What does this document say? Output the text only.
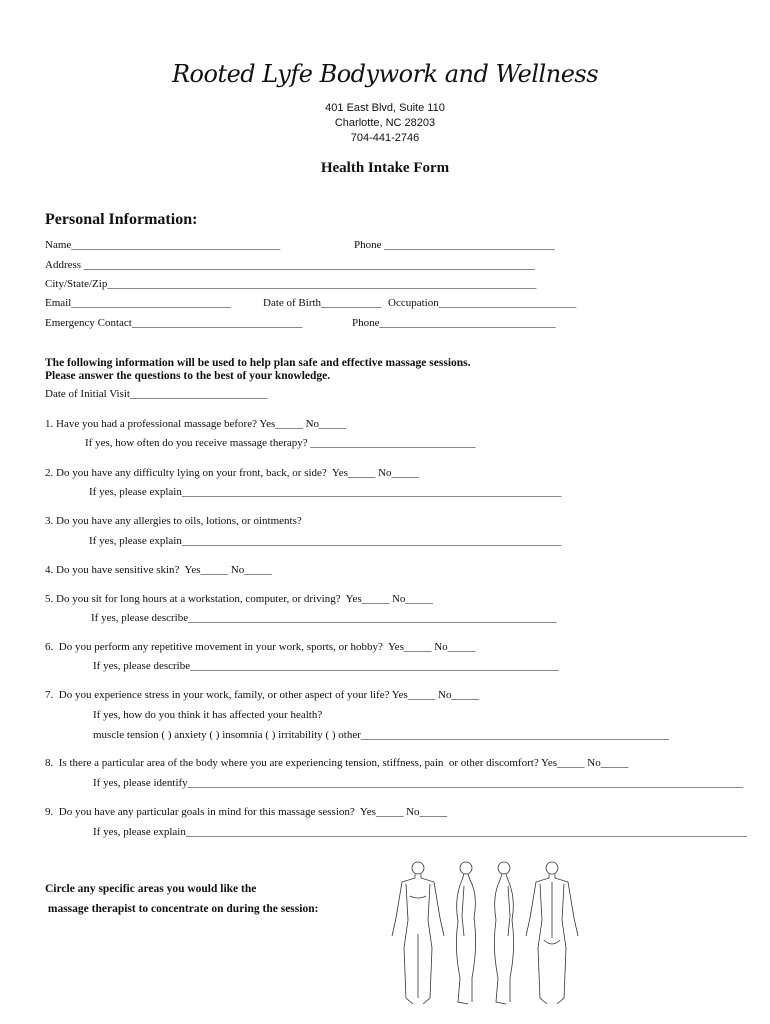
Rooted Lyfe Bodywork and Wellness
401 East Blvd, Suite 110
Charlotte, NC 28203
704-441-2746
Health Intake Form
Personal Information:
Name______________________________________	Phone _______________________________
Address __________________________________________________________________________________
City/State/Zip______________________________________________________________________________
Email_____________________________	Date of Birth___________ Occupation_________________________
Emergency Contact_______________________________	Phone________________________________
The following information will be used to help plan safe and effective massage sessions.
Please answer the questions to the best of your knowledge.
Date of Initial Visit_________________________
1. Have you had a professional massage before? Yes_____ No_____
If yes, how often do you receive massage therapy? ______________________________
2. Do you have any difficulty lying on your front, back, or side?  Yes_____ No_____
If yes, please explain_____________________________________________________________________
3. Do you have any allergies to oils, lotions, or ointments?
If yes, please explain_____________________________________________________________________
4. Do you have sensitive skin?  Yes_____ No_____
5. Do you sit for long hours at a workstation, computer, or driving?  Yes_____ No_____
If yes, please describe___________________________________________________________________
6.  Do you perform any repetitive movement in your work, sports, or hobby?  Yes_____ No_____
If yes, please describe___________________________________________________________________
7.  Do you experience stress in your work, family, or other aspect of your life? Yes_____ No_____
If yes, how do you think it has affected your health?
muscle tension ( ) anxiety ( ) insomnia ( ) irritability ( ) other________________________________________________________
8.  Is there a particular area of the body where you are experiencing tension, stiffness, pain  or other discomfort? Yes_____ No_____
If yes, please identify_____________________________________________________________________________________________________
9.  Do you have any particular goals in mind for this massage session?  Yes_____ No_____
If yes, please explain______________________________________________________________________________________________________
Circle any specific areas you would like the
massage therapist to concentrate on during the session:
